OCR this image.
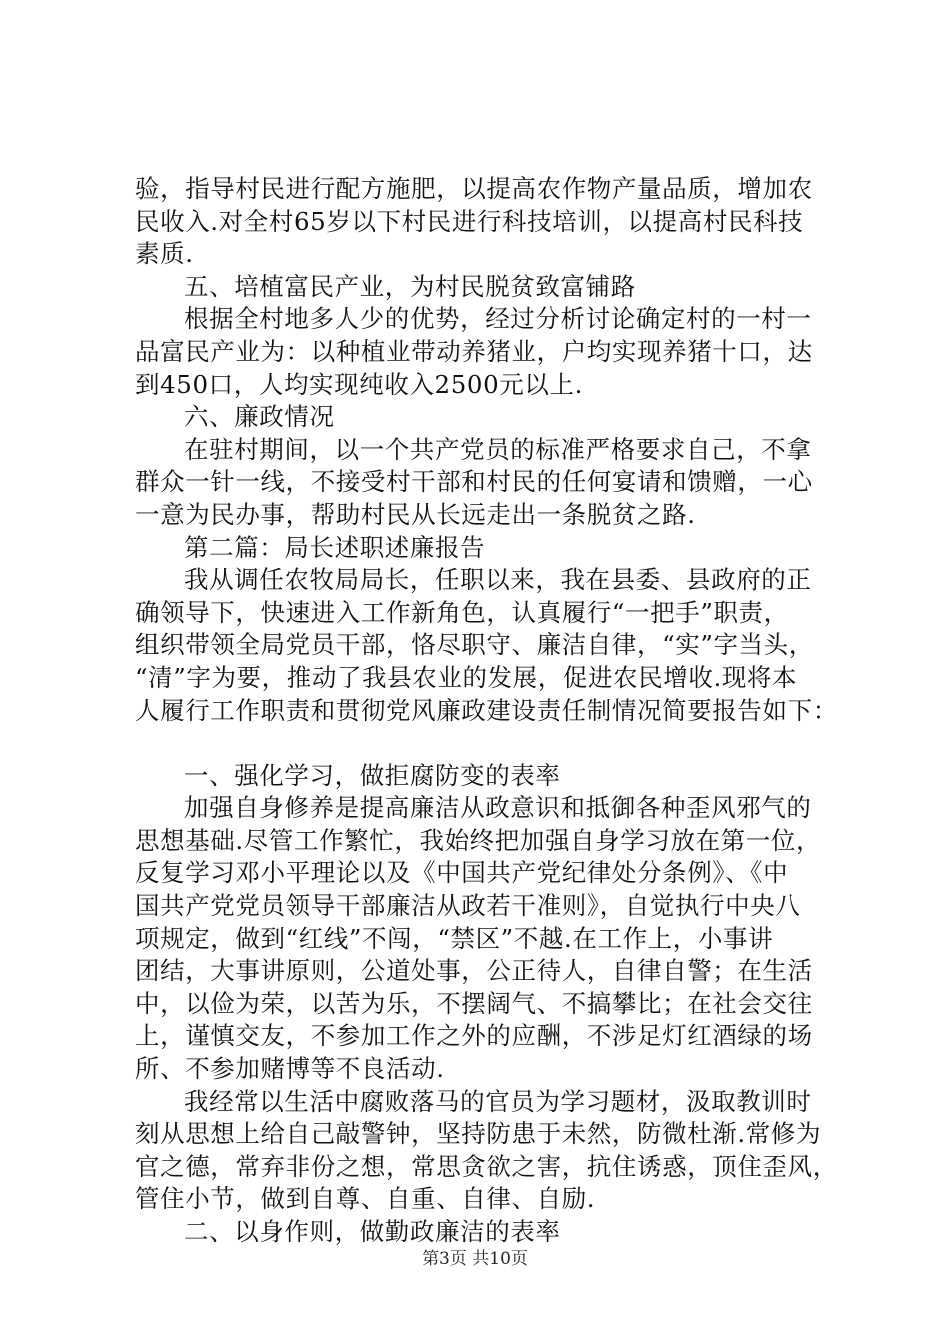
验，指导村民进行配方施肥，以提高农作物产量品质，增加农
民收入.对全村65岁以下村民进行科技培训，以提高村民科技
素质.
五、培植富民产业，为村民脱贫致富铺路
根据全村地多人少的优势，经过分析讨论确定村的一村一
品富民产业为：以种植业带动养猪业，户均实现养猪十口，达
到450口，人均实现纯收入2500元以上.
六、廉政情况
在驻村期间，以一个共产党员的标准严格要求自己，不拿
群众一针一线，不接受村干部和村民的任何宴请和馈赠，一心
一意为民办事，帮助村民从长远走出一条脱贫之路.
第二篇：局长述职述廉报告
我从调任农牧局局长，任职以来，我在县委、县政府的正
确领导下，快速进入工作新角色，认真履行“一把手”职责，
组织带领全局党员干部，恪尽职守、廉洁自律，“实”字当头，
“清”字为要，推动了我县农业的发展，促进农民增收.现将本
人履行工作职责和贯彻党风廉政建设责任制情况简要报告如下：
一、强化学习，做拒腐防变的表率
加强自身修养是提高廉洁从政意识和抵御各种歪风邪气的
思想基础.尽管工作繁忙，我始终把加强自身学习放在第一位，
反复学习邓小平理论以及《中国共产党纪律处分条例》、《中
国共产党党员领导干部廉洁从政若干准则》，自觉执行中央八
项规定，做到“红线”不闯，“禁区”不越.在工作上，小事讲
团结，大事讲原则，公道处事，公正待人，自律自警；在生活
中，以俭为荣，以苦为乐，不摆阔气、不搞攀比；在社会交往
上，谨慎交友，不参加工作之外的应酬，不涉足灯红酒绿的场
所、不参加赌博等不良活动.
我经常以生活中腐败落马的官员为学习题材，汲取教训时
刻从思想上给自己敲警钟，坚持防患于未然，防微杜渐.常修为
官之德，常弃非份之想，常思贪欲之害，抗住诱惑，顶住歪风，
管住小节，做到自尊、自重、自律、自励.
二、以身作则，做勤政廉洁的表率
第3页 共10页
